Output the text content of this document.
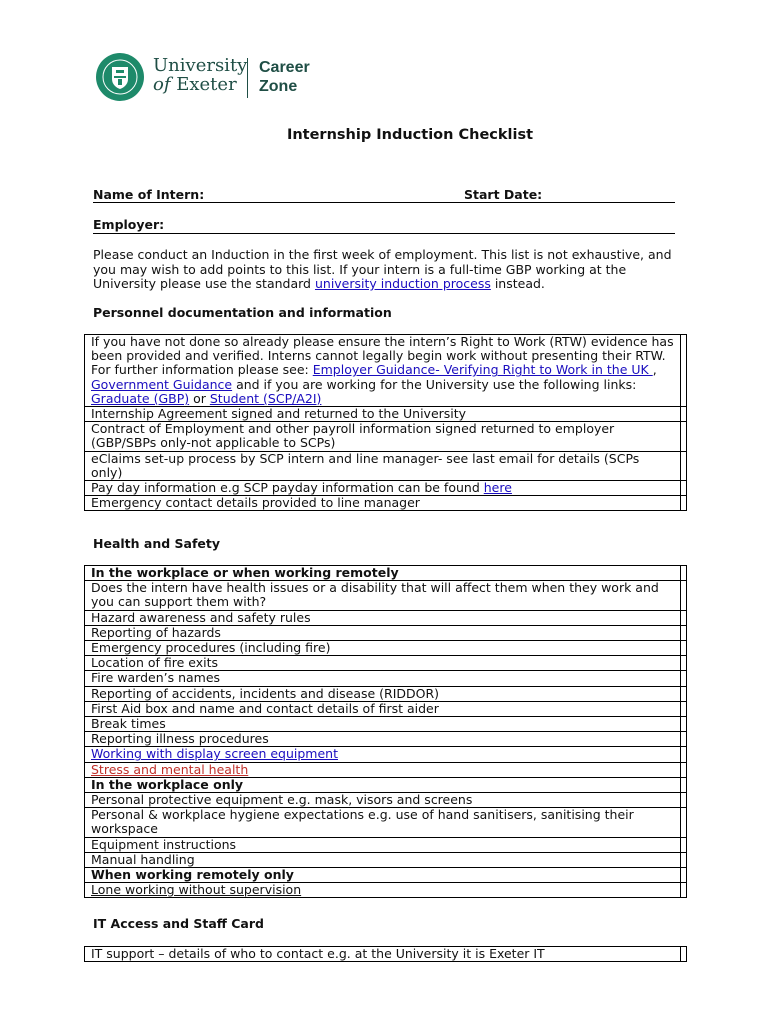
University
of Exeter
Career
Zone
Internship Induction Checklist
Name of Intern:	Start Date:
Employer:
Please conduct an Induction in the first week of employment. This list is not exhaustive, and you may wish to add points to this list. If your intern is a full-time GBP working at the University please use the standard university induction process instead.
Personnel documentation and information
If you have not done so already please ensure the intern’s Right to Work (RTW) evidence has been provided and verified. Interns cannot legally begin work without presenting their RTW. For further information please see: Employer Guidance- Verifying Right to Work in the UK , Government Guidance and if you are working for the University use the following links: Graduate (GBP) or Student (SCP/A2I)	
Internship Agreement signed and returned to the University	
Contract of Employment and other payroll information signed returned to employer (GBP/SBPs only-not applicable to SCPs)	
eClaims set-up process by SCP intern and line manager- see last email for details (SCPs only)	
Pay day information e.g SCP payday information can be found here	
Emergency contact details provided to line manager	
Health and Safety
In the workplace or when working remotely	
Does the intern have health issues or a disability that will affect them when they work and you can support them with?	
Hazard awareness and safety rules	
Reporting of hazards	
Emergency procedures (including fire)	
Location of fire exits	
Fire warden’s names	
Reporting of accidents, incidents and disease (RIDDOR)	
First Aid box and name and contact details of first aider	
Break times	
Reporting illness procedures	
Working with display screen equipment	
Stress and mental health	
In the workplace only	
Personal protective equipment e.g. mask, visors and screens	
Personal & workplace hygiene expectations e.g. use of hand sanitisers, sanitising their workspace	
Equipment instructions	
Manual handling	
When working remotely only	
Lone working without supervision	
IT Access and Staff Card
IT support – details of who to contact e.g. at the University it is Exeter IT	
